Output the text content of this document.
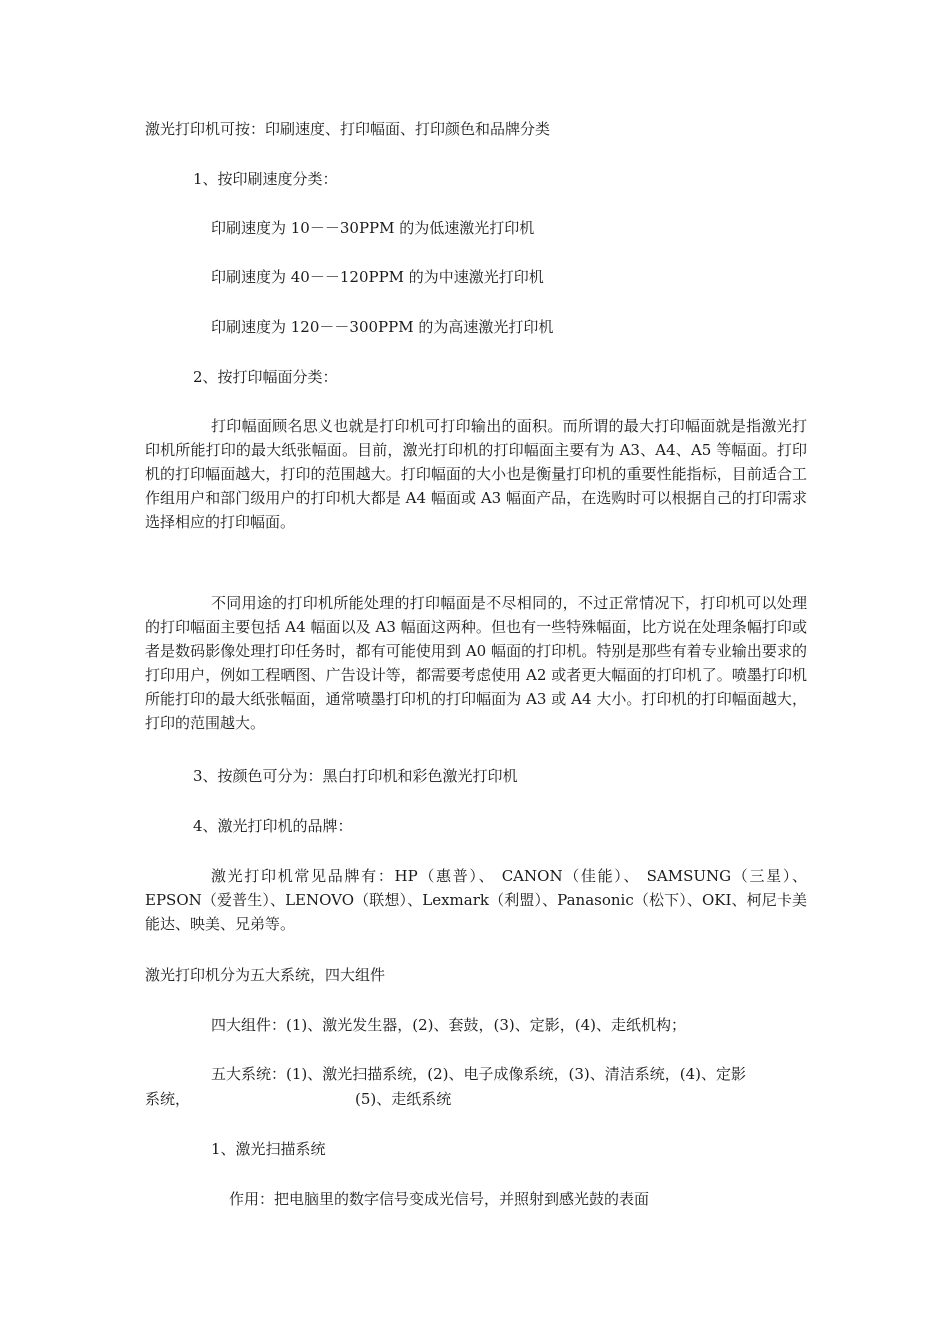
激光打印机可按：印刷速度、打印幅面、打印颜色和品牌分类
1、按印刷速度分类：
印刷速度为 10－－30PPM 的为低速激光打印机
印刷速度为 40－－120PPM 的为中速激光打印机
印刷速度为 120－－300PPM 的为高速激光打印机
2、按打印幅面分类：
打印幅面顾名思义也就是打印机可打印输出的面积。而所谓的最大打印幅面就是指激光打印机所能打印的最大纸张幅面。目前，激光打印机的打印幅面主要有为 A3、A4、A5 等幅面。打印机的打印幅面越大，打印的范围越大。打印幅面的大小也是衡量打印机的重要性能指标，目前适合工作组用户和部门级用户的打印机大都是 A4 幅面或 A3 幅面产品，在选购时可以根据自己的打印需求选择相应的打印幅面。
不同用途的打印机所能处理的打印幅面是不尽相同的，不过正常情况下，打印机可以处理的打印幅面主要包括 A4 幅面以及 A3 幅面这两种。但也有一些特殊幅面，比方说在处理条幅打印或者是数码影像处理打印任务时，都有可能使用到 A0 幅面的打印机。特别是那些有着专业输出要求的打印用户，例如工程晒图、广告设计等，都需要考虑使用 A2 或者更大幅面的打印机了。喷墨打印机所能打印的最大纸张幅面，通常喷墨打印机的打印幅面为 A3 或 A4 大小。打印机的打印幅面越大，打印的范围越大。
3、按颜色可分为：黑白打印机和彩色激光打印机
4、激光打印机的品牌：
激光打印机常见品牌有：HP（惠普）、 CANON（佳能）、 SAMSUNG（三星）、EPSON（爱普生）、LENOVO（联想）、Lexmark（利盟）、Panasonic（松下）、OKI、柯尼卡美能达、映美、兄弟等。
激光打印机分为五大系统，四大组件
四大组件：(1)、激光发生器，(2)、套鼓，(3)、定影，(4)、走纸机构；
五大系统：(1)、激光扫描系统，(2)、电子成像系统，(3)、清洁系统，(4)、定影
系统，	(5)、走纸系统
1、激光扫描系统
作用：把电脑里的数字信号变成光信号，并照射到感光鼓的表面
